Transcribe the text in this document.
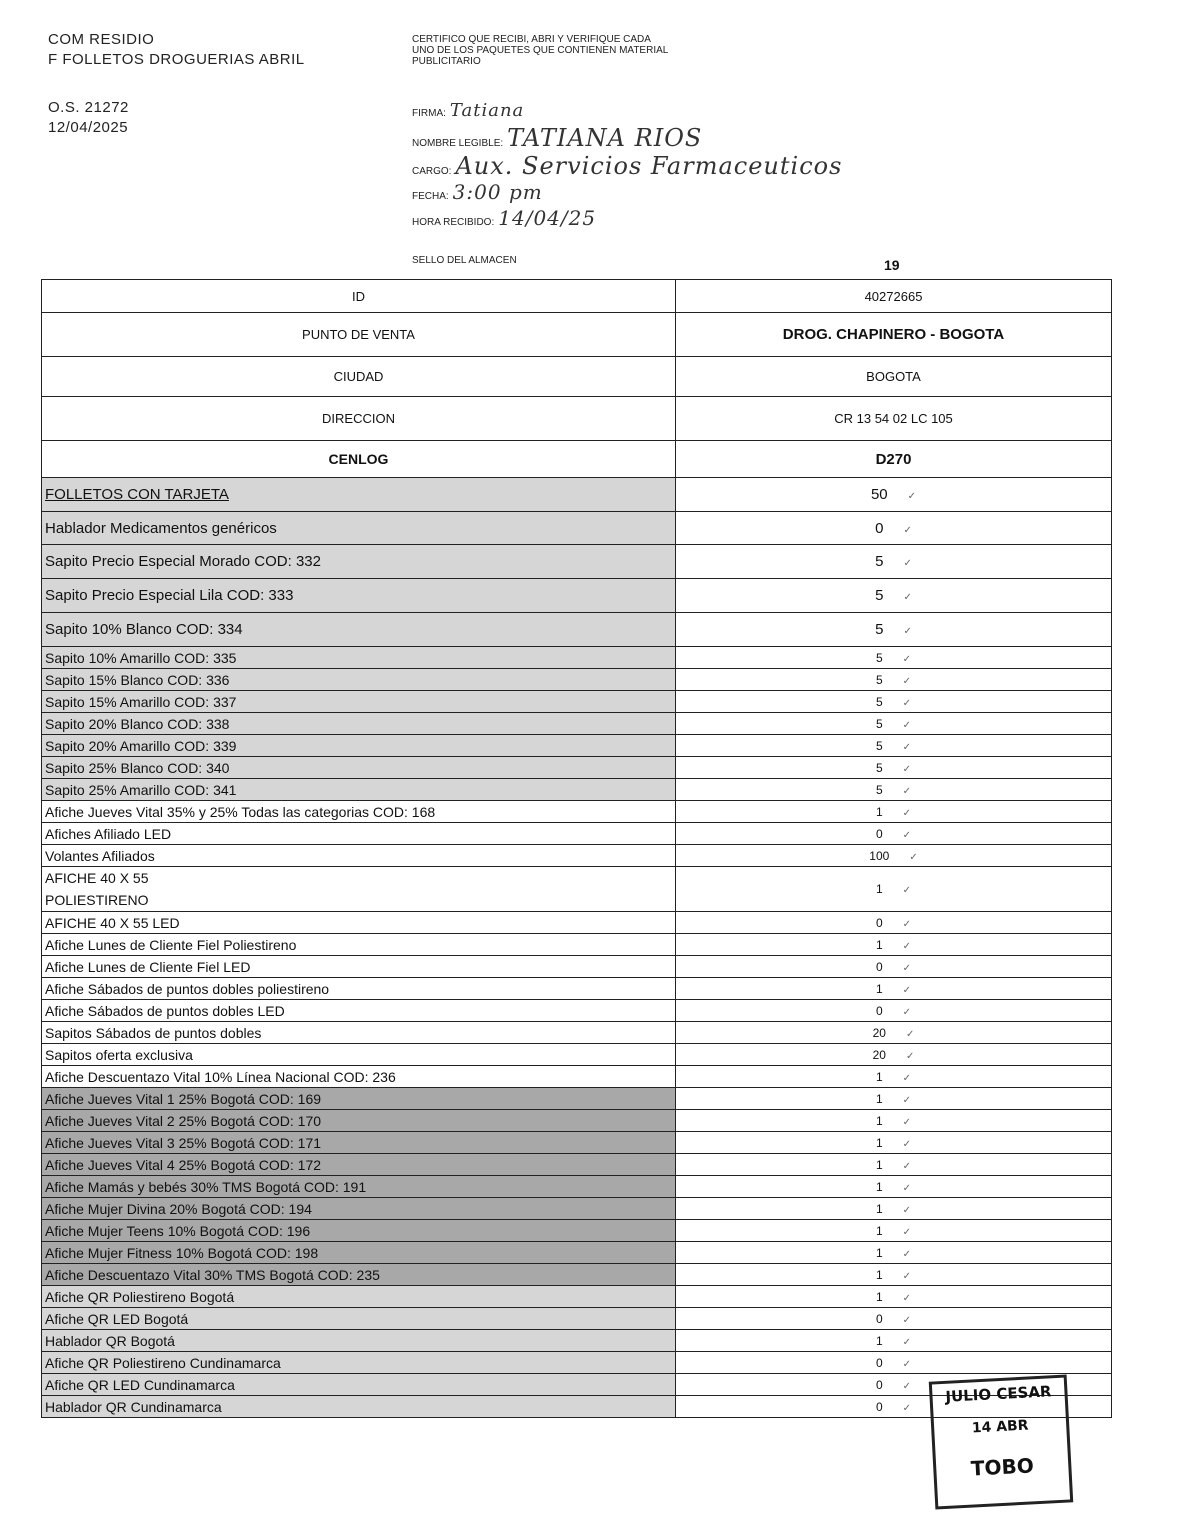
COM RESIDIO
F FOLLETOS DROGUERIAS ABRIL
O.S. 21272
12/04/2025
CERTIFICO QUE RECIBI, ABRI Y VERIFIQUE CADA UNO DE LOS PAQUETES QUE CONTIENEN MATERIAL PUBLICITARIO
FIRMA: Tatiana
NOMBRE LEGIBLE: TATIANA RIOS
CARGO: Aux. Servicios Farmaceuticos
FECHA: 3:00 pm
HORA RECIBIDO: 14/04/25
SELLO DEL ALMACEN	19
ID	40272665
PUNTO DE VENTA	DROG. CHAPINERO - BOGOTA
CIUDAD	BOGOTA
DIRECCION	CR 13 54 02 LC 105
CENLOG	D270
FOLLETOS CON TARJETA	50 ✓
Hablador Medicamentos genéricos	0 ✓
Sapito Precio Especial Morado COD: 332	5 ✓
Sapito Precio Especial Lila COD: 333	5 ✓
Sapito 10% Blanco COD: 334	5 ✓
Sapito 10% Amarillo COD: 335	5 ✓
Sapito 15% Blanco COD: 336	5 ✓
Sapito 15% Amarillo COD: 337	5 ✓
Sapito 20% Blanco COD: 338	5 ✓
Sapito 20% Amarillo COD: 339	5 ✓
Sapito 25% Blanco COD: 340	5 ✓
Sapito 25% Amarillo COD: 341	5 ✓
Afiche Jueves Vital 35% y 25% Todas las categorias COD: 168	1 ✓
Afiches Afiliado LED	0 ✓
Volantes Afiliados	100 ✓

AFICHE 40 X 55
POLIESTIRENO	1 ✓
AFICHE 40 X 55 LED	0 ✓
Afiche Lunes de Cliente Fiel Poliestireno	1 ✓
Afiche Lunes de Cliente Fiel LED	0 ✓
Afiche Sábados de puntos dobles poliestireno	1 ✓
Afiche Sábados de puntos dobles LED	0 ✓
Sapitos Sábados de puntos dobles	20 ✓
Sapitos oferta exclusiva	20 ✓
Afiche Descuentazo Vital 10% Línea Nacional COD: 236	1 ✓
Afiche Jueves Vital 1 25% Bogotá COD: 169	1 ✓
Afiche Jueves Vital 2 25% Bogotá COD: 170	1 ✓
Afiche Jueves Vital 3 25% Bogotá COD: 171	1 ✓
Afiche Jueves Vital 4 25% Bogotá COD: 172	1 ✓
Afiche Mamás y bebés 30% TMS Bogotá COD: 191	1 ✓
Afiche Mujer Divina 20% Bogotá COD: 194	1 ✓
Afiche Mujer Teens 10% Bogotá COD: 196	1 ✓
Afiche Mujer Fitness 10% Bogotá COD: 198	1 ✓
Afiche Descuentazo Vital 30% TMS Bogotá COD: 235	1 ✓
Afiche QR Poliestireno Bogotá	1 ✓
Afiche QR LED Bogotá	0 ✓
Hablador QR Bogotá	1 ✓
Afiche QR Poliestireno Cundinamarca	0 ✓
Afiche QR LED Cundinamarca	0 ✓
Hablador QR Cundinamarca	0 ✓
JULIO CESAR
14 ABR
TOBO
